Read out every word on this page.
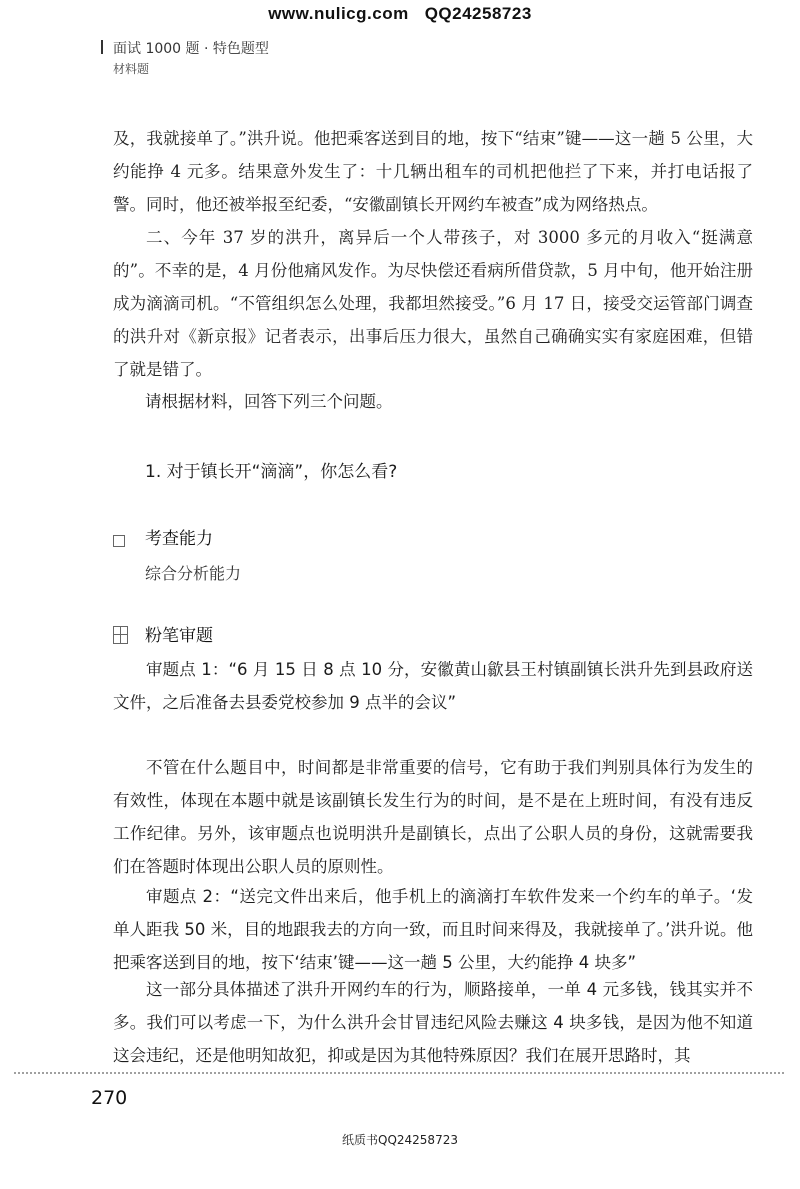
www.nulicg.com QQ24258723
面试 1000 题 · 特色题型
材料题

及，我就接单了。”洪升说。他把乘客送到目的地，按下“结束”键——这一趟 5 公里，大约能挣 4 元多。结果意外发生了：十几辆出租车的司机把他拦了下来，并打电话报了警。同时，他还被举报至纪委，“安徽副镇长开网约车被查”成为网络热点。

二、今年 37 岁的洪升，离异后一个人带孩子，对 3000 多元的月收入“挺满意的”。不幸的是，4 月份他痛风发作。为尽快偿还看病所借贷款，5 月中旬，他开始注册成为滴滴司机。“不管组织怎么处理，我都坦然接受。”6 月 17 日，接受交运管部门调查的洪升对《新京报》记者表示，出事后压力很大，虽然自己确确实实有家庭困难，但错了就是错了。

请根据材料，回答下列三个问题。

1. 对于镇长开“滴滴”，你怎么看?
考查能力
综合分析能力
粉笔审题

审题点 1：“6 月 15 日 8 点 10 分，安徽黄山歙县王村镇副镇长洪升先到县政府送文件，之后准备去县委党校参加 9 点半的会议”

不管在什么题目中，时间都是非常重要的信号，它有助于我们判别具体行为发生的有效性，体现在本题中就是该副镇长发生行为的时间，是不是在上班时间，有没有违反工作纪律。另外，该审题点也说明洪升是副镇长，点出了公职人员的身份，这就需要我们在答题时体现出公职人员的原则性。

审题点 2：“送完文件出来后，他手机上的滴滴打车软件发来一个约车的单子。‘发单人距我 50 米，目的地跟我去的方向一致，而且时间来得及，我就接单了。’洪升说。他把乘客送到目的地，按下‘结束’键——这一趟 5 公里，大约能挣 4 块多”

这一部分具体描述了洪升开网约车的行为，顺路接单，一单 4 元多钱，钱其实并不多。我们可以考虑一下，为什么洪升会甘冒违纪风险去赚这 4 块多钱，是因为他不知道这会违纪，还是他明知故犯，抑或是因为其他特殊原因？我们在展开思路时，其

270
纸质书QQ24258723
